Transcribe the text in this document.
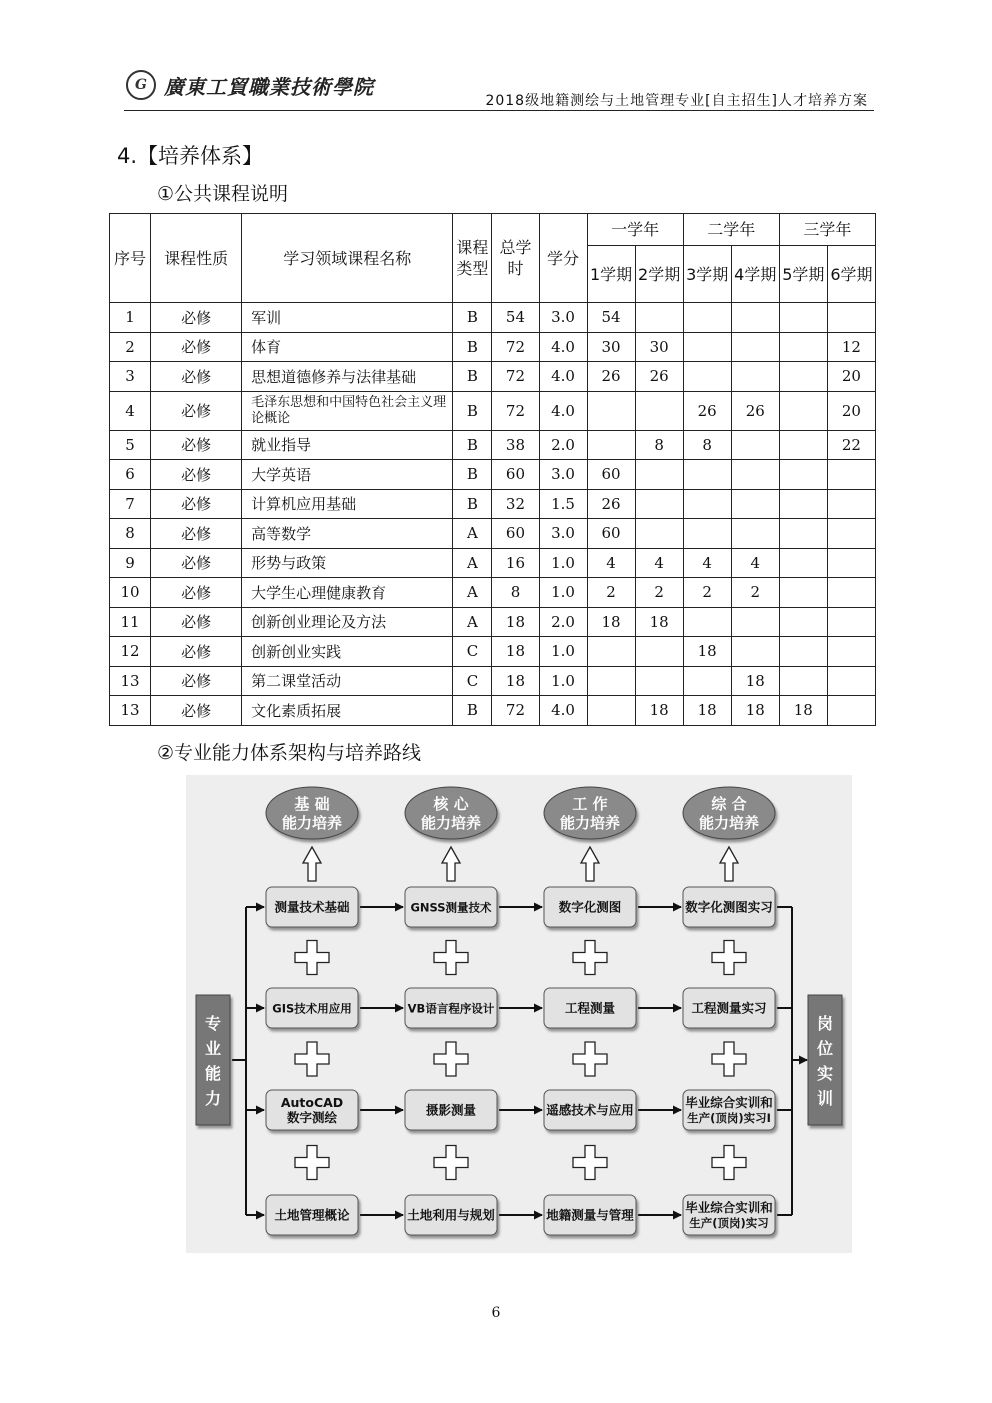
G 廣東工貿職業技術學院
2018级地籍测绘与土地管理专业[自主招生]人才培养方案
4.【培养体系】
①公共课程说明
序号	课程性质	学习领域课程名称	课程类型	总学时	学分	一学年		二学年		三学年	
						1学期	2学期	3学期	4学期	5学期	6学期
1	必修	军训	B	54	3.0	54					
2	必修	体育	B	72	4.0	30	30				12
3	必修	思想道德修养与法律基础	B	72	4.0	26	26				20
4	必修	毛泽东思想和中国特色社会主义理论概论	B	72	4.0			26	26		20
5	必修	就业指导	B	38	2.0		8	8			22
6	必修	大学英语	B	60	3.0	60					
7	必修	计算机应用基础	B	32	1.5	26					
8	必修	高等数学	A	60	3.0	60					
9	必修	形势与政策	A	16	1.0	4	4	4	4		
10	必修	大学生心理健康教育	A	8	1.0	2	2	2	2		
11	必修	创新创业理论及方法	A	18	2.0	18	18				
12	必修	创新创业实践	C	18	1.0			18			
13	必修	第二课堂活动	C	18	1.0				18		
13	必修	文化素质拓展	B	72	4.0		18	18	18	18	
②专业能力体系架构与培养路线
基 础
能力培养
核 心
能力培养
工 作
能力培养
综 合
能力培养
测量技术基础	GNSS测量技术	数字化测图	数字化测图实习
GIS技术用应用	VB语言程序设计	工程测量	工程测量实习
AutoCAD
数字测绘	摄影测量	遥感技术与应用	毕业综合实训和
生产(顶岗)实习I
土地管理概论	土地利用与规划	地籍测量与管理	毕业综合实训和
生产(顶岗)实习
专
业
能
力
岗
位
实
训
6
